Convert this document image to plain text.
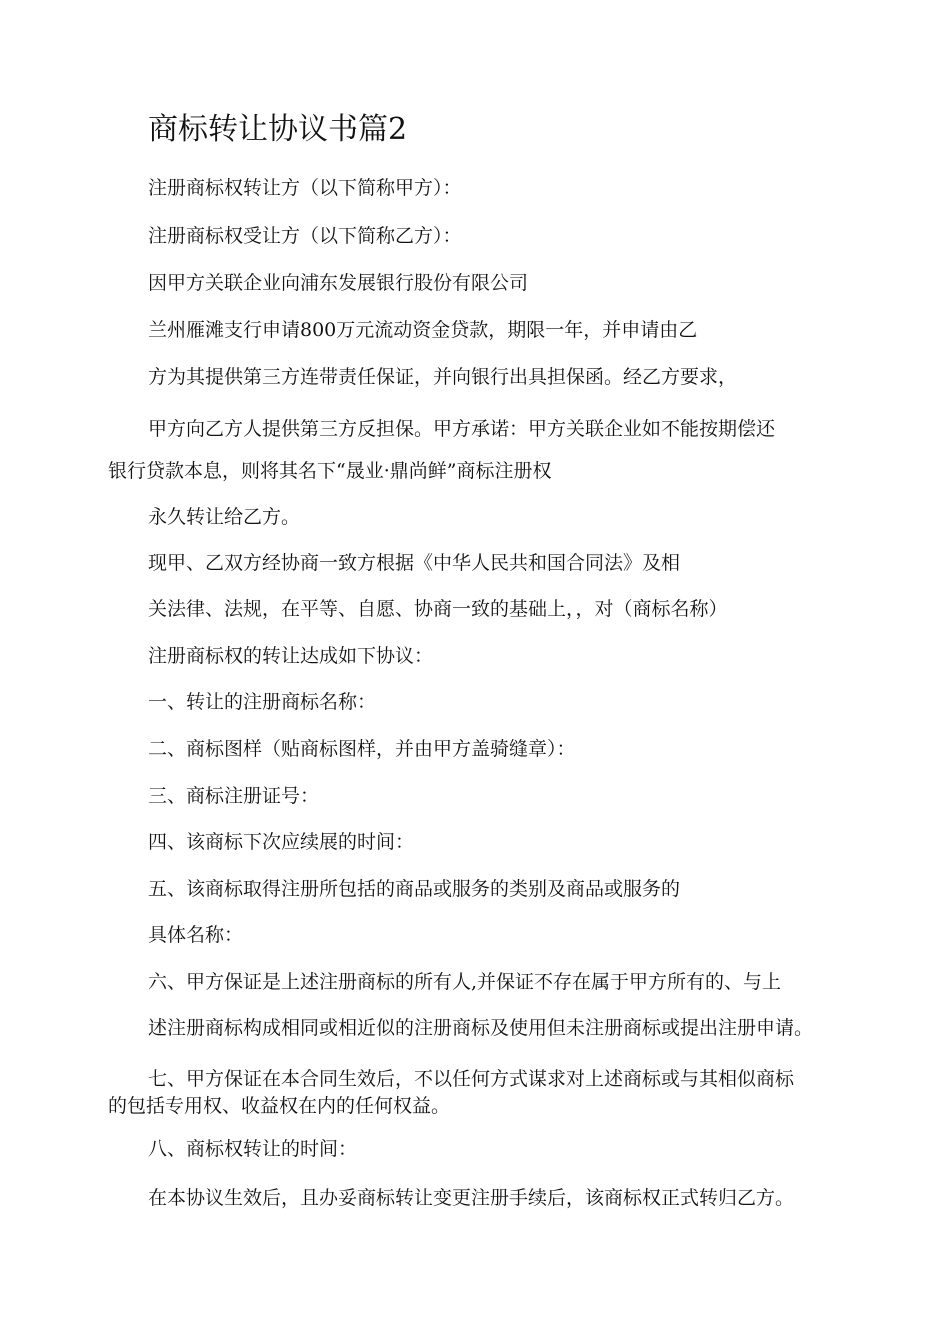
商标转让协议书篇2
注册商标权转让方（以下简称甲方）：
注册商标权受让方（以下简称乙方）：
因甲方关联企业向浦东发展银行股份有限公司
兰州雁滩支行申请800万元流动资金贷款，期限一年，并申请由乙
方为其提供第三方连带责任保证，并向银行出具担保函。经乙方要求，
甲方向乙方人提供第三方反担保。甲方承诺：甲方关联企业如不能按期偿还
银行贷款本息，则将其名下“晟业·鼎尚鲜”商标注册权
永久转让给乙方。
现甲、乙双方经协商一致方根据《中华人民共和国合同法》及相
关法律、法规，在平等、自愿、协商一致的基础上，，对（商标名称）
注册商标权的转让达成如下协议：
一、转让的注册商标名称：
二、商标图样（贴商标图样，并由甲方盖骑缝章）：
三、商标注册证号：
四、该商标下次应续展的时间：
五、该商标取得注册所包括的商品或服务的类别及商品或服务的
具体名称：
六、甲方保证是上述注册商标的所有人,并保证不存在属于甲方所有的、与上
述注册商标构成相同或相近似的注册商标及使用但未注册商标或提出注册申请。
七、甲方保证在本合同生效后，不以任何方式谋求对上述商标或与其相似商标
的包括专用权、收益权在内的任何权益。
八、商标权转让的时间：
在本协议生效后，且办妥商标转让变更注册手续后，该商标权正式转归乙方。
